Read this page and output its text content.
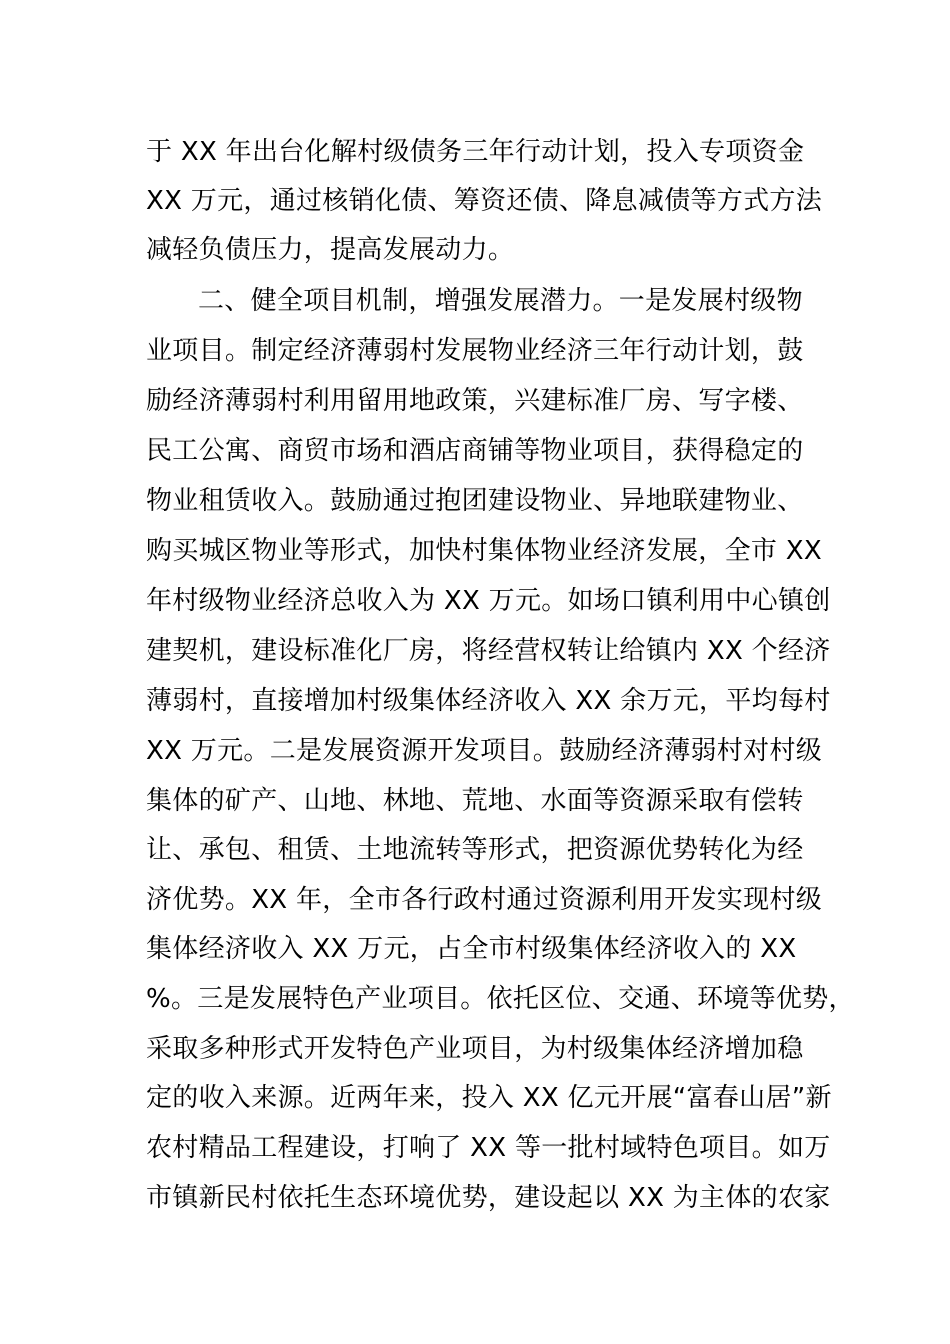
于 XX 年出台化解村级债务三年行动计划，投入专项资金
XX 万元，通过核销化债、筹资还债、降息减债等方式方法
减轻负债压力，提高发展动力。
二、健全项目机制，增强发展潜力。一是发展村级物
业项目。制定经济薄弱村发展物业经济三年行动计划，鼓
励经济薄弱村利用留用地政策，兴建标准厂房、写字楼、
民工公寓、商贸市场和酒店商铺等物业项目，获得稳定的
物业租赁收入。鼓励通过抱团建设物业、异地联建物业、
购买城区物业等形式，加快村集体物业经济发展，全市 XX
年村级物业经济总收入为 XX 万元。如场口镇利用中心镇创
建契机，建设标准化厂房，将经营权转让给镇内 XX 个经济
薄弱村，直接增加村级集体经济收入 XX 余万元，平均每村
XX 万元。二是发展资源开发项目。鼓励经济薄弱村对村级
集体的矿产、山地、林地、荒地、水面等资源采取有偿转
让、承包、租赁、土地流转等形式，把资源优势转化为经
济优势。XX 年，全市各行政村通过资源利用开发实现村级
集体经济收入 XX 万元，占全市村级集体经济收入的 XX
%。三是发展特色产业项目。依托区位、交通、环境等优势，
采取多种形式开发特色产业项目，为村级集体经济增加稳
定的收入来源。近两年来，投入 XX 亿元开展“富春山居”新
农村精品工程建设，打响了 XX 等一批村域特色项目。如万
市镇新民村依托生态环境优势，建设起以 XX 为主体的农家
